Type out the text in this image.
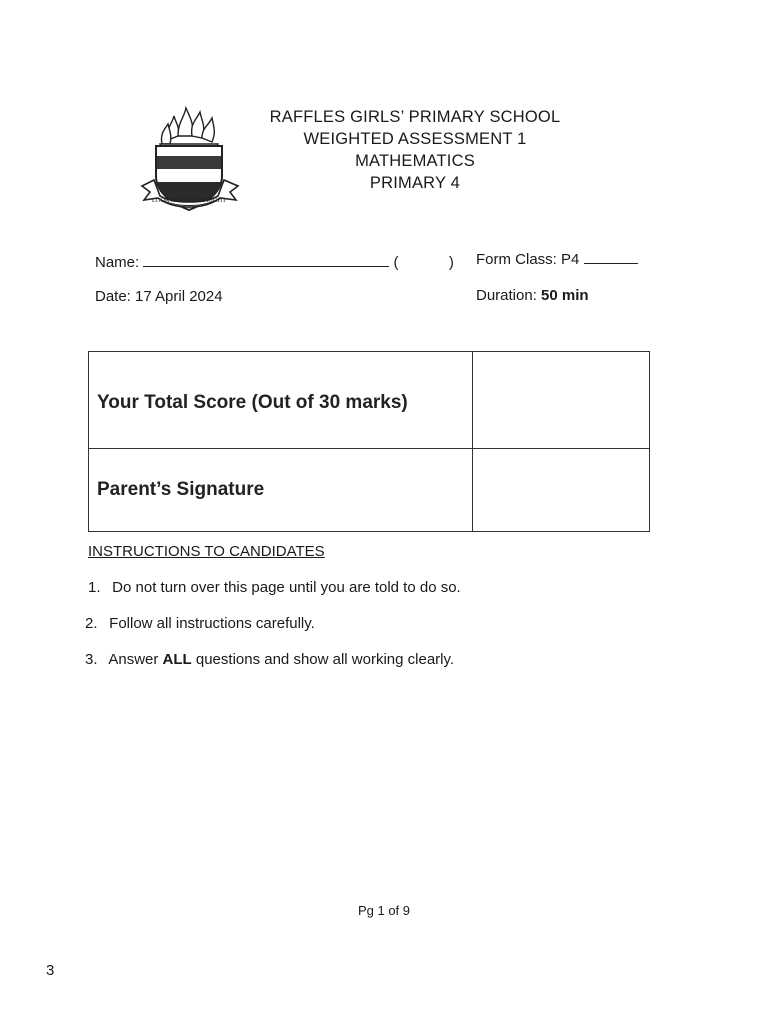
LOOK AFTER THE RIGHT
RAFFLES GIRLS’ PRIMARY SCHOOL
WEIGHTED ASSESSMENT 1
MATHEMATICS
PRIMARY 4
Name:	(	) Form Class: P4
Date: 17 April 2024	Duration: 50 min
Your Total Score (Out of 30 marks)	
Parent’s Signature	
INSTRUCTIONS TO CANDIDATES
1. Do not turn over this page until you are told to do so.
2. Follow all instructions carefully.
3. Answer ALL questions and show all working clearly.
Pg 1 of 9
3
